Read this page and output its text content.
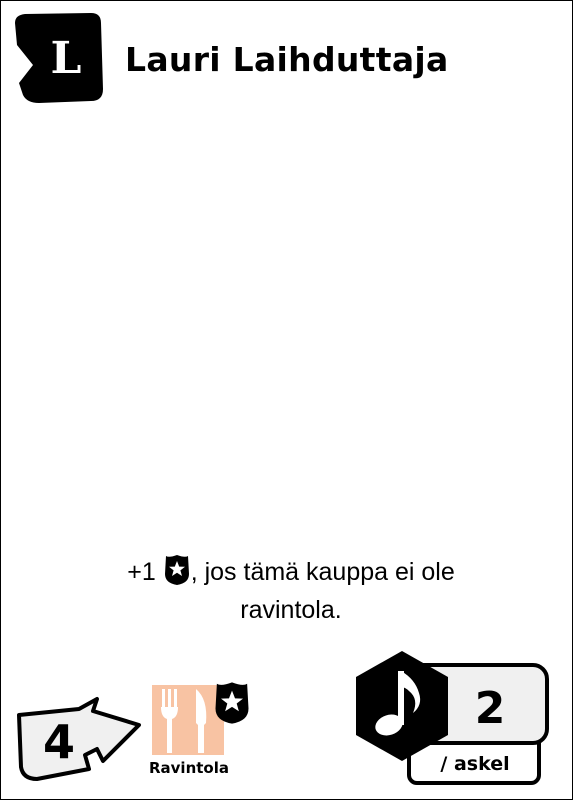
L Lauri Laihduttaja
+1 , jos tämä kauppa ei ole
ravintola.
4	Ravintola
2
/ askel
